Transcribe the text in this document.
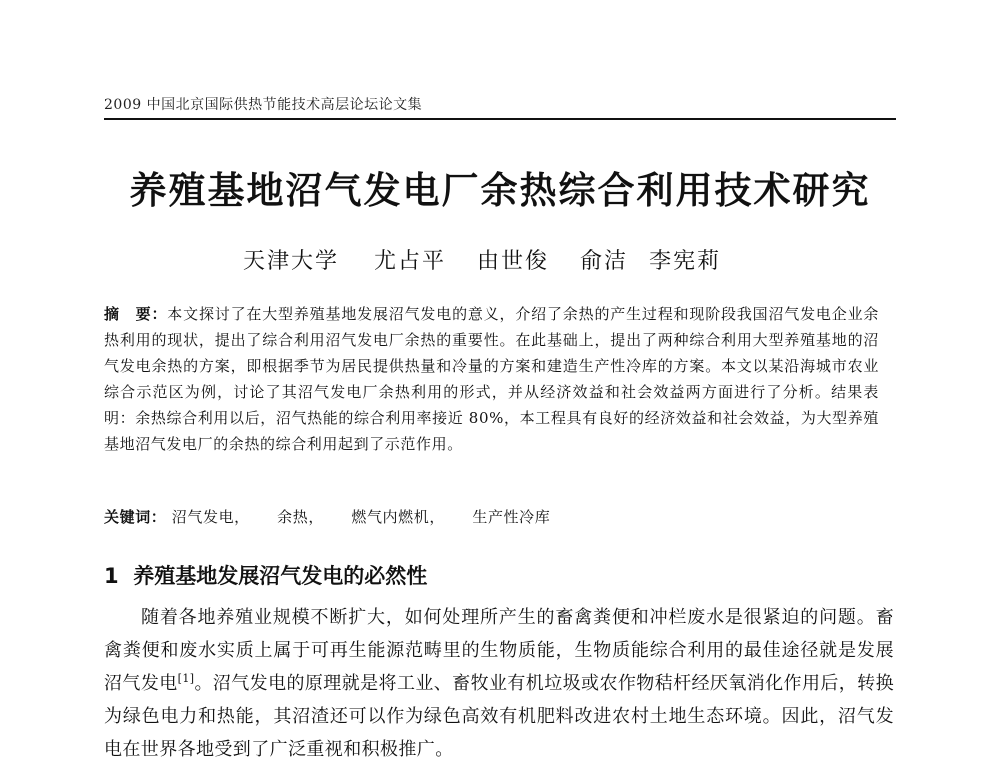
2009 中国北京国际供热节能技术高层论坛论文集
养殖基地沼气发电厂余热综合利用技术研究
天津大学 尤占平 由世俊 俞洁 李宪莉
摘　要：本文探讨了在大型养殖基地发展沼气发电的意义，介绍了余热的产生过程和现阶段我国沼气发电企业余热利用的现状，提出了综合利用沼气发电厂余热的重要性。在此基础上，提出了两种综合利用大型养殖基地的沼气发电余热的方案，即根据季节为居民提供热量和冷量的方案和建造生产性冷库的方案。本文以某沿海城市农业综合示范区为例，讨论了其沼气发电厂余热利用的形式，并从经济效益和社会效益两方面进行了分析。结果表明：余热综合利用以后，沼气热能的综合利用率接近 80%，本工程具有良好的经济效益和社会效益，为大型养殖基地沼气发电厂的余热的综合利用起到了示范作用。
关键词： 沼气发电， 余热， 燃气内燃机， 生产性冷库
1 养殖基地发展沼气发电的必然性
随着各地养殖业规模不断扩大，如何处理所产生的畜禽粪便和冲栏废水是很紧迫的问题。畜禽粪便和废水实质上属于可再生能源范畴里的生物质能，生物质能综合利用的最佳途径就是发展沼气发电[1]。沼气发电的原理就是将工业、畜牧业有机垃圾或农作物秸杆经厌氧消化作用后，转换为绿色电力和热能，其沼渣还可以作为绿色高效有机肥料改进农村土地生态环境。因此，沼气发电在世界各地受到了广泛重视和积极推广。
